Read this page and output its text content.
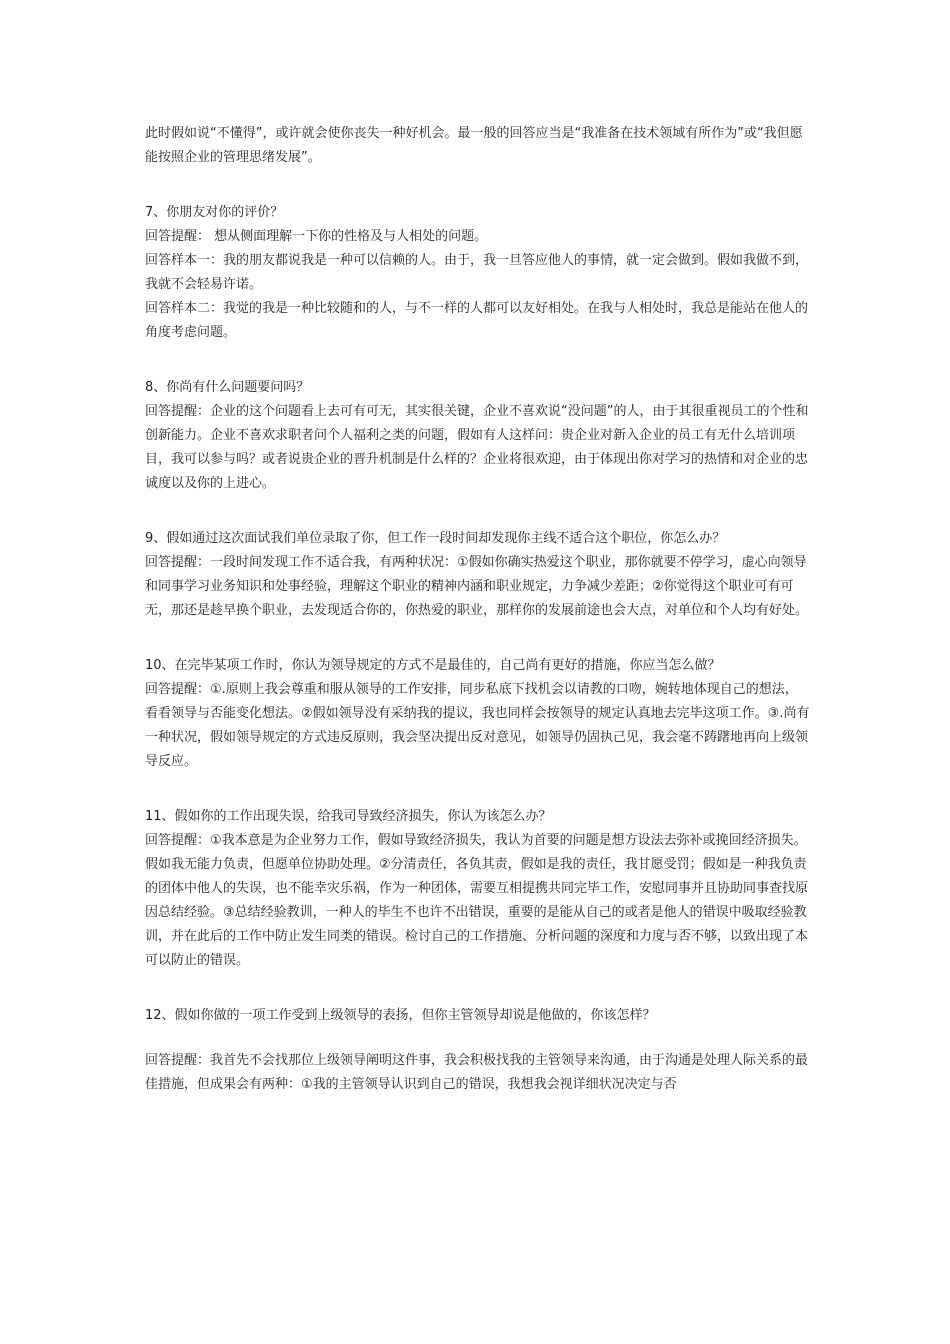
此时假如说“不懂得”，或许就会使你丧失一种好机会。最一般的回答应当是“我准备在技术领域有所作为”或“我但愿能按照企业的管理思绪发展”。

7、你朋友对你的评价？

回答提醒： 想从侧面理解一下你的性格及与人相处的问题。

回答样本一：我的朋友都说我是一种可以信赖的人。由于，我一旦答应他人的事情，就一定会做到。假如我做不到，我就不会轻易许诺。

回答样本二：我觉的我是一种比较随和的人，与不一样的人都可以友好相处。在我与人相处时，我总是能站在他人的角度考虑问题。

8、你尚有什么问题要问吗？

回答提醒：企业的这个问题看上去可有可无，其实很关键，企业不喜欢说“没问题”的人，由于其很重视员工的个性和创新能力。企业不喜欢求职者问个人福利之类的问题，假如有人这样问：贵企业对新入企业的员工有无什么培训项目，我可以参与吗？或者说贵企业的晋升机制是什么样的？企业将很欢迎，由于体现出你对学习的热情和对企业的忠诚度以及你的上进心。

9、假如通过这次面试我们单位录取了你，但工作一段时间却发现你主线不适合这个职位，你怎么办？

回答提醒：一段时间发现工作不适合我，有两种状况：①假如你确实热爱这个职业，那你就要不停学习，虚心向领导和同事学习业务知识和处事经验，理解这个职业的精神内涵和职业规定，力争减少差距；②你觉得这个职业可有可无，那还是趁早换个职业，去发现适合你的，你热爱的职业，那样你的发展前途也会大点，对单位和个人均有好处。

10、在完毕某项工作时，你认为领导规定的方式不是最佳的，自己尚有更好的措施，你应当怎么做？

回答提醒：①.原则上我会尊重和服从领导的工作安排，同步私底下找机会以请教的口吻，婉转地体现自己的想法，看看领导与否能变化想法。②假如领导没有采纳我的提议，我也同样会按领导的规定认真地去完毕这项工作。③.尚有一种状况，假如领导规定的方式违反原则，我会坚决提出反对意见，如领导仍固执己见，我会毫不踌躇地再向上级领导反应。

11、假如你的工作出现失误，给我司导致经济损失，你认为该怎么办？

回答提醒：①我本意是为企业努力工作，假如导致经济损失，我认为首要的问题是想方设法去弥补或挽回经济损失。假如我无能力负责，但愿单位协助处理。②分清责任，各负其责，假如是我的责任，我甘愿受罚；假如是一种我负责的团体中他人的失误，也不能幸灾乐祸，作为一种团体，需要互相提携共同完毕工作，安慰同事并且协助同事查找原因总结经验。③总结经验教训，一种人的毕生不也许不出错误，重要的是能从自己的或者是他人的错误中吸取经验教训，并在此后的工作中防止发生同类的错误。检讨自己的工作措施、分析问题的深度和力度与否不够，以致出现了本可以防止的错误。

12、假如你做的一项工作受到上级领导的表扬，但你主管领导却说是他做的，你该怎样？

回答提醒：我首先不会找那位上级领导阐明这件事，我会积极找我的主管领导来沟通，由于沟通是处理人际关系的最佳措施，但成果会有两种：①我的主管领导认识到自己的错误，我想我会视详细状况决定与否
